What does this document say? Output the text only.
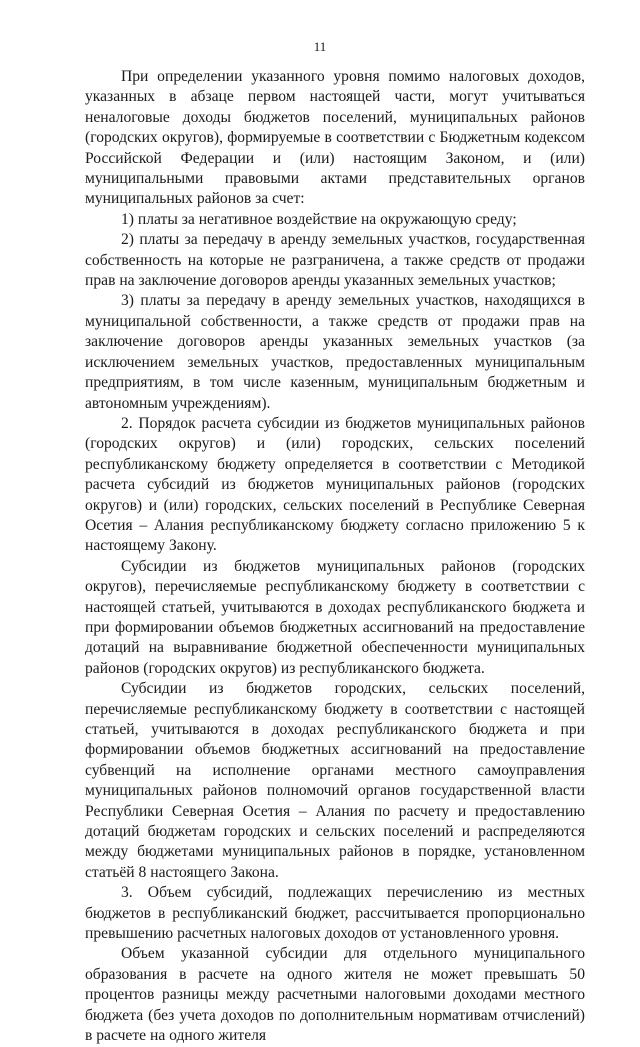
11

При определении указанного уровня помимо налоговых доходов, указанных в абзаце первом настоящей части, могут учитываться неналоговые доходы бюджетов поселений, муниципальных районов (городских округов), формируемые в соответствии с Бюджетным кодексом Российской Федерации и (или) настоящим Законом, и (или) муниципальными правовыми актами представительных органов муниципальных районов за счет:

1) платы за негативное воздействие на окружающую среду;

2) платы за передачу в аренду земельных участков, государственная собственность на которые не разграничена, а также средств от продажи прав на заключение договоров аренды указанных земельных участков;

3) платы за передачу в аренду земельных участков, находящихся в муниципальной собственности, а также средств от продажи прав на заключение договоров аренды указанных земельных участков (за исключением земельных участков, предоставленных муниципальным предприятиям, в том числе казенным, муниципальным бюджетным и автономным учреждениям).

2. Порядок расчета субсидии из бюджетов муниципальных районов (городских округов) и (или) городских, сельских поселений республиканскому бюджету определяется в соответствии с Методикой расчета субсидий из бюджетов муниципальных районов (городских округов) и (или) городских, сельских поселений в Республике Северная Осетия – Алания республиканскому бюджету согласно приложению 5 к настоящему Закону.

Субсидии из бюджетов муниципальных районов (городских округов), перечисляемые республиканскому бюджету в соответствии с настоящей статьей, учитываются в доходах республиканского бюджета и при формировании объемов бюджетных ассигнований на предоставление дотаций на выравнивание бюджетной обеспеченности муниципальных районов (городских округов) из республиканского бюджета.

Субсидии из бюджетов городских, сельских поселений, перечисляемые республиканскому бюджету в соответствии с настоящей статьей, учитываются в доходах республиканского бюджета и при формировании объемов бюджетных ассигнований на предоставление субвенций на исполнение органами местного самоуправления муниципальных районов полномочий органов государственной власти Республики Северная Осетия – Алания по расчету и предоставлению дотаций бюджетам городских и сельских поселений и распределяются между бюджетами муниципальных районов в порядке, установленном статьёй 8 настоящего Закона.

3. Объем субсидий, подлежащих перечислению из местных бюджетов в республиканский бюджет, рассчитывается пропорционально превышению расчетных налоговых доходов от установленного уровня.

Объем указанной субсидии для отдельного муниципального образования в расчете на одного жителя не может превышать 50 процентов разницы между расчетными налоговыми доходами местного бюджета (без учета доходов по дополнительным нормативам отчислений) в расчете на одного жителя
